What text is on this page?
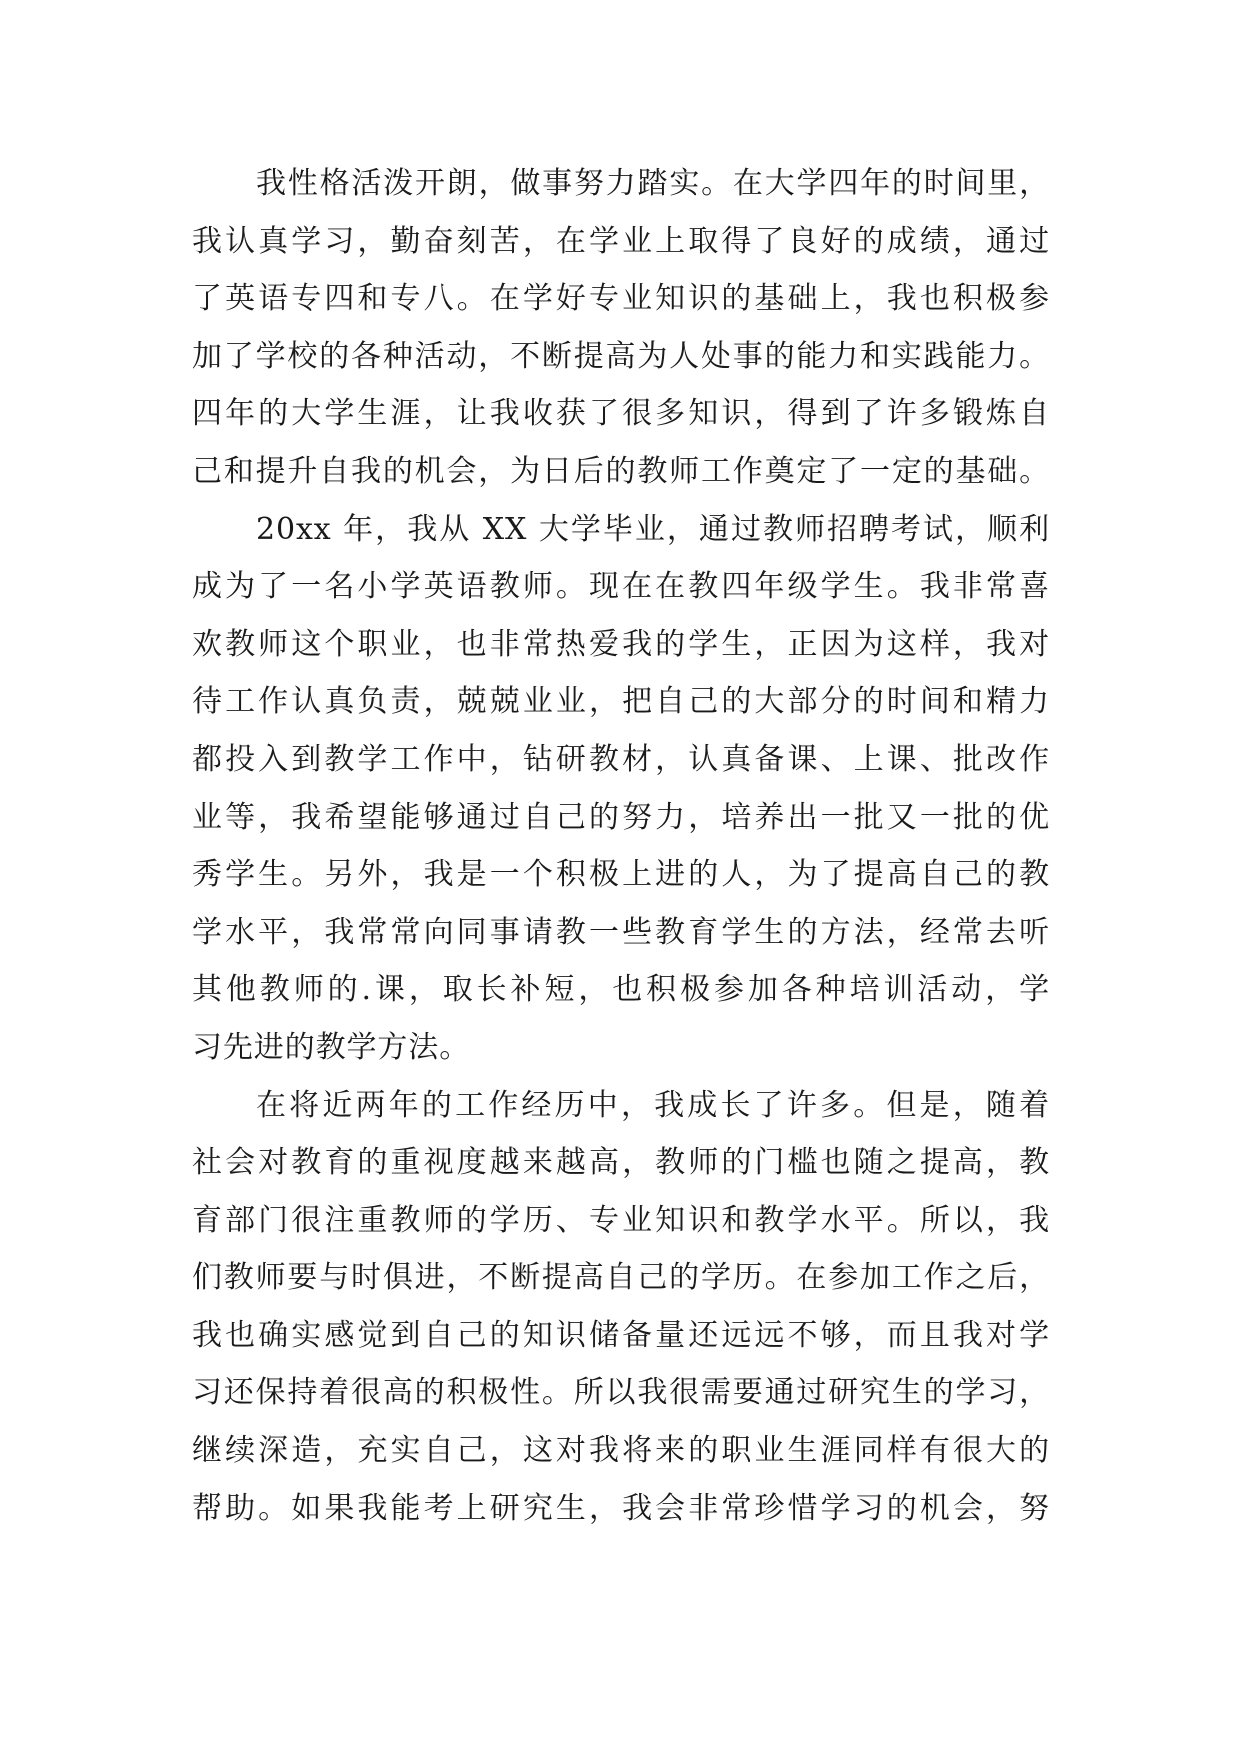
我性格活泼开朗，做事努力踏实。在大学四年的时间里，
我认真学习，勤奋刻苦，在学业上取得了良好的成绩，通过
了英语专四和专八。在学好专业知识的基础上，我也积极参
加了学校的各种活动，不断提高为人处事的能力和实践能力。
四年的大学生涯，让我收获了很多知识，得到了许多锻炼自
己和提升自我的机会，为日后的教师工作奠定了一定的基础。

20xx 年，我从 XX 大学毕业，通过教师招聘考试，顺利
成为了一名小学英语教师。现在在教四年级学生。我非常喜
欢教师这个职业，也非常热爱我的学生，正因为这样，我对
待工作认真负责，兢兢业业，把自己的大部分的时间和精力
都投入到教学工作中，钻研教材，认真备课、上课、批改作
业等，我希望能够通过自己的努力，培养出一批又一批的优
秀学生。另外，我是一个积极上进的人，为了提高自己的教
学水平，我常常向同事请教一些教育学生的方法，经常去听
其他教师的.课，取长补短，也积极参加各种培训活动，学
习先进的教学方法。

在将近两年的工作经历中，我成长了许多。但是，随着
社会对教育的重视度越来越高，教师的门槛也随之提高，教
育部门很注重教师的学历、专业知识和教学水平。所以，我
们教师要与时俱进，不断提高自己的学历。在参加工作之后，
我也确实感觉到自己的知识储备量还远远不够，而且我对学
习还保持着很高的积极性。所以我很需要通过研究生的学习，
继续深造，充实自己，这对我将来的职业生涯同样有很大的
帮助。如果我能考上研究生，我会非常珍惜学习的机会，努
